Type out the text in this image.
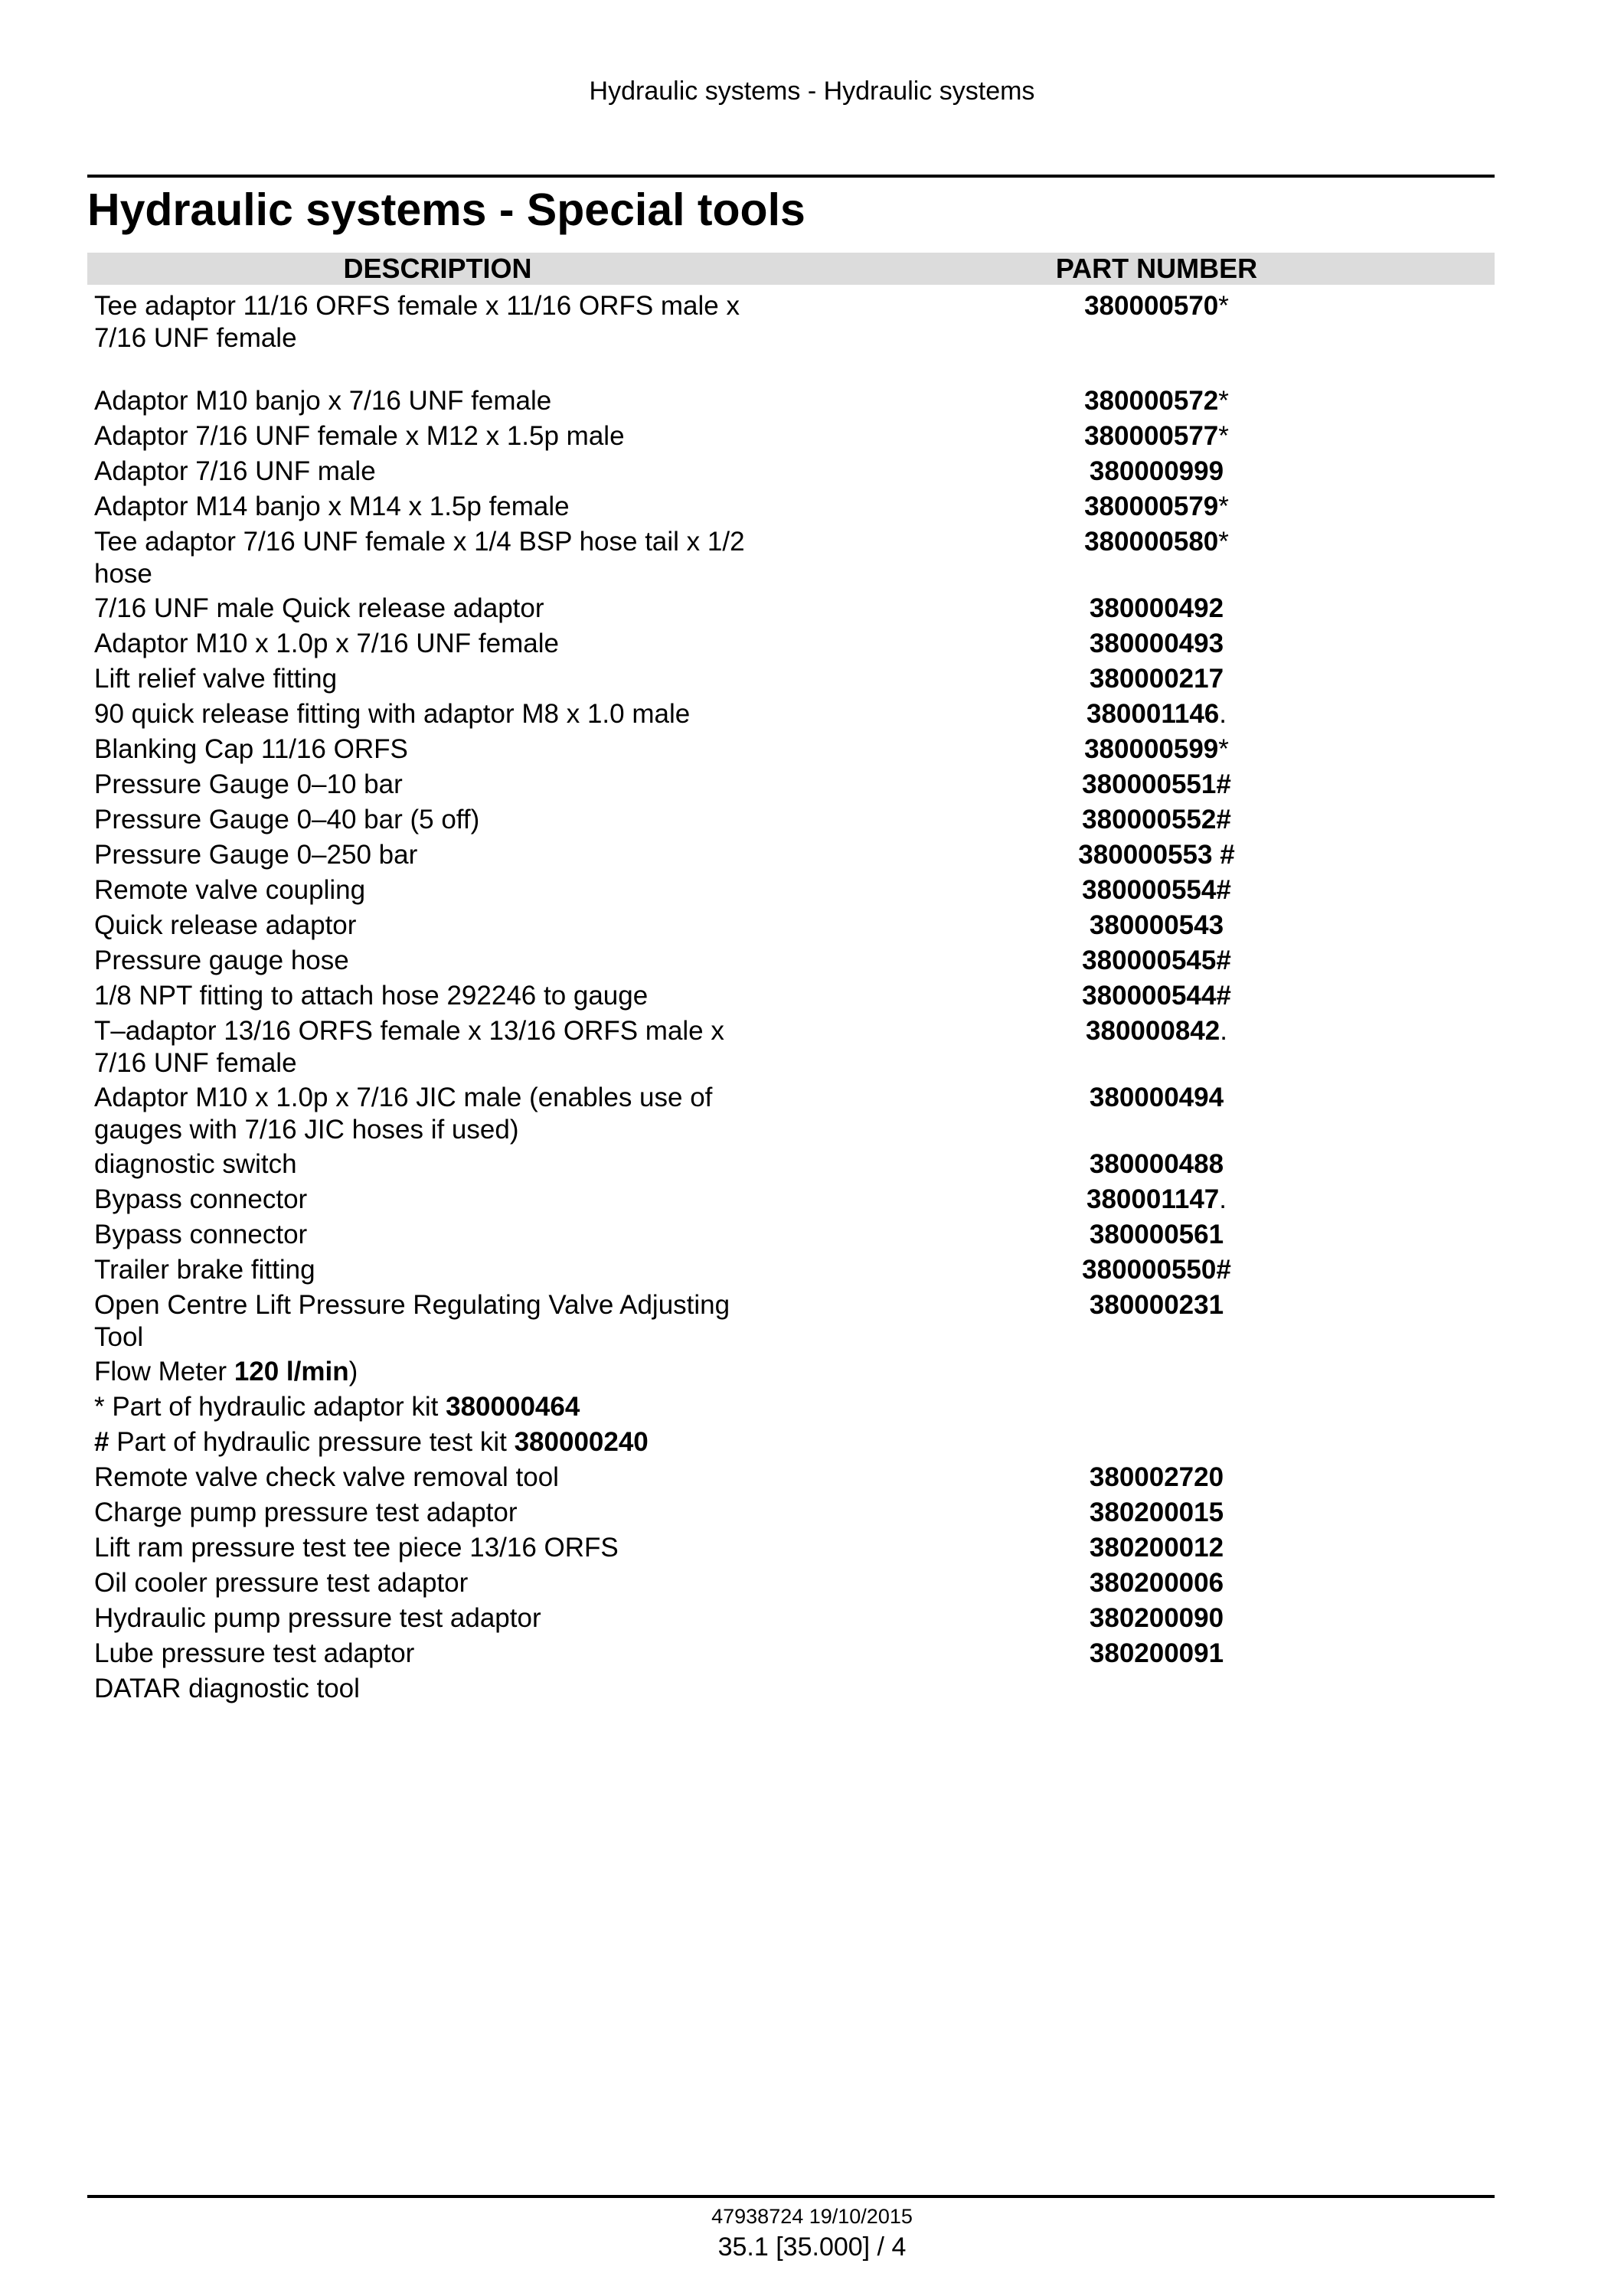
Hydraulic systems - Hydraulic systems
Hydraulic systems - Special tools
DESCRIPTION	PART NUMBER
Tee adaptor 11/16 ORFS female x 11/16 ORFS male x 7/16 UNF female	380000570*
Adaptor M10 banjo x 7/16 UNF female	380000572*
Adaptor 7/16 UNF female x M12 x 1.5p male	380000577*
Adaptor 7/16 UNF male	380000999
Adaptor M14 banjo x M14 x 1.5p female	380000579*
Tee adaptor 7/16 UNF female x 1/4 BSP hose tail x 1/2 hose	380000580*
7/16 UNF male Quick release adaptor	380000492
Adaptor M10 x 1.0p x 7/16 UNF female	380000493
Lift relief valve fitting	380000217
90 quick release fitting with adaptor M8 x 1.0 male	380001146.
Blanking Cap 11/16 ORFS	380000599*
Pressure Gauge 0–10 bar	380000551#
Pressure Gauge 0–40 bar (5 off)	380000552#
Pressure Gauge 0–250 bar	380000553 #
Remote valve coupling	380000554#
Quick release adaptor	380000543
Pressure gauge hose	380000545#
1/8 NPT fitting to attach hose 292246 to gauge	380000544#
T–adaptor 13/16 ORFS female x 13/16 ORFS male x 7/16 UNF female	380000842.
Adaptor M10 x 1.0p x 7/16 JIC male (enables use of gauges with 7/16 JIC hoses if used)	380000494
diagnostic switch	380000488
Bypass connector	380001147.
Bypass connector	380000561
Trailer brake fitting	380000550#
Open Centre Lift Pressure Regulating Valve Adjusting Tool	380000231
Flow Meter 120 l/min)	
* Part of hydraulic adaptor kit 380000464	
# Part of hydraulic pressure test kit 380000240	
Remote valve check valve removal tool	380002720
Charge pump pressure test adaptor	380200015
Lift ram pressure test tee piece 13/16 ORFS	380200012
Oil cooler pressure test adaptor	380200006
Hydraulic pump pressure test adaptor	380200090
Lube pressure test adaptor	380200091
DATAR diagnostic tool	
47938724 19/10/2015
35.1 [35.000] / 4
